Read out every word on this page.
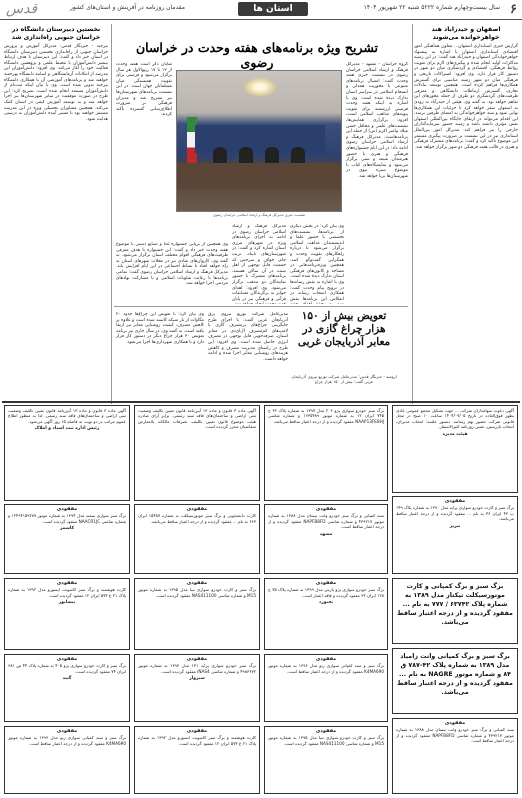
قدس	مقدمان روزنامه در آفرینش و استان‌های کشور	استان ها	سال بیست‌وچهارم شماره ۵۲۲۲ شنبه ۲۲ شهریور ۱۴۰۴ ۶
اصفهان و حیدرآباد هند خواهرخوانده می‌شوند
گزارش خبری استانداری اصفهان... معاون هماهنگی امور اقتصادی استانداری اصفهان با اشاره به پیشنهاد خواهرخواندگی اصفهان و حیدرآباد هند گفت: در این زمینه مذاکرات اولیه انجام شده و پیگیری‌های لازم برای تقویت روابط فرهنگی، اقتصادی و گردشگری میان دو شهر در دستور کار قرار دارد. وی افزود: اشتراکات تاریخی و فرهنگی میان دو شهر زمینه مناسبی برای گسترش همکاری‌ها فراهم کرده است. همچنین توسعه تبادلات تجاری، گسترش ارتباطات دانشگاهی و معرفی ظرفیت‌های گردشگری دو طرف از جمله محورهای این تفاهم خواهد بود. به گفته وی، هیئتی از حیدرآباد به زودی به اصفهان سفر خواهد کرد تا جزئیات این همکاری‌ها نهایی شود و سند خواهرخواندگی به امضای طرفین برسد. این اقدام می‌تواند در ارتقای جایگاه بین‌المللی اصفهان نقش مؤثری داشته باشد و زمینه حضور سرمایه‌گذاران خارجی را نیز فراهم کند. مدیرکل امور بین‌الملل استانداری نیز در این نشست بر ضرورت پیگیری مستمر این موضوع تأکید کرد و گفت: برنامه‌های مشترک فرهنگی و هنری در قالب هفته فرهنگی دو شهر برگزار خواهد شد.
نخستین دبیرستان دانشگاه در خراسان جنوبی راه‌اندازی شد
بیرجند - خبرنگار قدس: مدیرکل آموزش و پرورش خراسان جنوبی از راه‌اندازی نخستین دبیرستان دانشگاه در استان خبر داد و گفت: این دبیرستان با هدف ارتباط بیشتر دانش‌آموزان با محیط علمی و پژوهشی دانشگاه فعالیت خود را آغاز می‌کند. وی افزود: دانش‌آموزان این مدرسه از امکانات آزمایشگاهی و اساتید دانشگاه بهره‌مند خواهند شد و برنامه‌های آموزشی آن با همکاری دانشگاه بیرجند تدوین شده است. وی با بیان اینکه ثبت‌نام از دانش‌آموزان مستعد انجام شده است، تصریح کرد: این طرح در صورت موفقیت در سایر شهرستان‌ها نیز اجرا خواهد شد و به توسعه آموزش کیفی در استان کمک می‌کند. همچنین مشاوران تحصیلی ویژه در این مدرسه مستقر خواهند بود تا مسیر آینده دانش‌آموزان به درستی هدایت شود.
تشریح ویژه برنامه‌های هفته وحدت در خراسان رضوی	گروه خراسان - مشهد - مدیرکل فرهنگ و ارشاد اسلامی خراسان رضوی در نشست خبری هفته وحدت گفت: امسال برنامه‌های متنوعی با محوریت همدلی و انسجام اسلامی در سراسر استان تدارک دیده شده است. وی با اشاره به اینکه هفته وحدت فرصتی ارزشمند برای تقویت پیوندهای مذاهب اسلامی است، افزود: برگزاری همایش‌ها، نشست‌های علمی و محافل جشن میلاد پیامبر اکرم (ص) از جمله این برنامه‌هاست. مدیرکل فرهنگ و ارشاد اسلامی خراسان رضوی ادامه داد: در این ایام جشنواره‌های فرهنگی و هنری با حضور هنرمندان شیعه و سنی برگزار می‌شود و نمایشگاه‌های کتاب با موضوع سیره نبوی در شهرستان‌ها برپا خواهد شد.
شایان ذکر است هفته وحدت از ۱۲ تا ۱۷ ربیع‌الاول هر سال برگزار می‌شود و فرصتی برای تقویت همبستگی میان مسلمانان جهان است. در این نشست برنامه‌های شهرستان‌ها نیز تشریح شد و مدیران فرهنگی بر ضرورت اطلاع‌رسانی گسترده تأکید کردند.
نشست خبری مدیرکل فرهنگ و ارشاد اسلامی خراسان رضوی
وی بیان کرد: در بخش دیگری از برنامه‌ها، نشست‌های تخصصی با حضور علما و اندیشمندان مذاهب اسلامی برگزار می‌شود تا درباره راهکارهای تقویت وحدت و همگرایی گفت‌وگو کنند. همچنین ویژه‌برنامه‌هایی در مساجد و کانون‌های فرهنگی استان تدارک دیده شده است. وی با اشاره به نقش رسانه‌ها در ترویج پیام وحدت گفت: همکاری اصحاب رسانه در انعکاس این برنامه‌ها نقش
مدیرکل فرهنگ و ارشاد اسلامی خراسان رضوی در ادامه به اجرای برنامه‌های ویژه در شهرهای مرزی استان اشاره کرد و گفت: در شهرستان‌های تایباد، تربت جام، خواف و سرخس که جمعیت قابل توجهی از اهل سنت در آن ساکن هستند، برنامه‌های مشترک با حضور نمایندگان دو مذهب برگزار می‌شود. وی افزود: اهدای جوایز به برگزیدگان مسابقات قرآنی و فرهنگی نیز در پایان
وی همچنین از برپایی جشنواره غذا و صنایع دستی با موضوع هفته وحدت خبر داد و گفت: این جشنواره با هدف معرفی ظرفیت‌های فرهنگی اقوام مختلف استان برگزار می‌شود. به گفته وی، کاروان‌های شادی نیز در محلات شهرهای استان به راه خواهد افتاد تا نشاط اجتماعی در این ایام افزایش یابد. مدیرکل فرهنگ و ارشاد اسلامی خراسان رضوی گفت: تمامی برنامه‌ها با رعایت شئونات اسلامی و با مشارکت نهادهای مردمی اجرا خواهد شد.
تعویض بیش از ۱۵۰ هزار چراغ گازی در معابر آذربایجان غربی
ارومیه - خبرنگار قدس: مدیرعامل شرکت توزیع نیروی آذربایجان غربی گفت: بیش از ۱۵۰ هزار چراغ
مدیرعامل شرکت توزیع نیروی برق آذربایجان غربی گفت: با اجرای طرح جایگزینی چراغ‌های پرمصرف گازی با لامپ‌های کم‌مصرف ال‌ای‌دی در معابر استان، صرفه‌جویی قابل توجهی در مصرف انرژی حاصل شده است. وی افزود: این طرح در راستای مدیریت مصرف و کاهش هزینه‌های روشنایی معابر اجرا شده و ادامه خواهد داشت.
وی بیان کرد: با تعویض این چراغ‌ها حدود ۲۰ مگاوات از بار شبکه کاسته شده است و علاوه بر کاهش مصرف، کیفیت روشنایی معابر نیز ارتقا یافته است. به گفته وی، در سال جاری نیز برنامه تعویض ۳۰ هزار چراغ دیگر در دستور کار قرار دارد و با همکاری شهرداری‌ها اجرا می‌شود.
آگهی دعوت سهامداران شرکت ... جهت تشکیل مجمع عمومی عادی بطور فوق‌العاده در تاریخ ۱۴۰۴/۰۷/۰۵ ساعت ۱۰ صبح در محل قانونی شرکت حضور بهم رسانند. دستور جلسه: انتخاب مدیران، انتخاب بازرسین، تعیین روزنامه کثیرالانتشار.
هیئت مدیره
برگ سبز خودرو سواری پژو ۲۰۶ مدل ۱۳۹۷ به شماره پلاک ۳۶ ج ۷۴۵ ایران ۱۲ به شماره موتور ۱۶۳۵۴۸۹ و شماره شاسی NAAP13FE8HJ مفقود گردیده و از درجه اعتبار ساقط می‌باشد.
آگهی ماده ۳ قانون و ماده ۱۳ آیین‌نامه قانون تعیین تکلیف وضعیت ثبتی اراضی و ساختمان‌های فاقد سند رسمی. برابر آرای صادره هیئت موضوع قانون تعیین تکلیف، تصرفات مالکانه بلامعارض متقاضیان محرز گردیده است.
آگهی ماده ۳ قانون و ماده ۱۳ آیین‌نامه قانون تعیین تکلیف وضعیت ثبتی اراضی و ساختمان‌های فاقد سند رسمی. لذا به منظور اطلاع عموم مراتب در دو نوبت به فاصله ۱۵ روز آگهی می‌شود.
رئیس اداره ثبت اسناد و املاک
مفقودی
برگ سبز و کارت خودرو سواری پراید مدل ۱۳۹۰ به شماره پلاک ۱۴۹ ب ۴۳ ایران ۳۶ به نام ... مفقود گردیده و از درجه اعتبار ساقط می‌باشد.
تبریز
مفقودی
سند کمپانی و برگ سبز خودرو وانت نیسان مدل ۱۳۸۸ به شماره موتور ۴۳۹۲۱۷ و شماره شاسی NAPFB8FD مفقود گردیده و از درجه اعتبار ساقط است.
مشهد
مفقودی
کارت دانشجویی و برگ سبز موتورسیکلت به شماره ۱۵۴۸۷ ایران ۶۶۳ به نام ... مفقود گردیده و از درجه اعتبار ساقط می‌باشد.
مفقودی
برگ سبز سواری سمند مدل ۱۳۹۴ به شماره موتور ۱۲۴۹۴۱۵۹۲۸۷ و شماره شاسی NAACR1JC مفقود گردیده است.
کاشمر
برگ سبز و برگ کمپانی و کارت موتورسیکلت نیکتاز مدل ۱۳۸۹ به شماره پلاک ۶۳۷۴۲ / ۷۷۷ به نام ... مفقود گردیده و از درجه اعتبار ساقط می‌باشد.
برگ سبز و برگ کمپانی وانت زامیاد مدل ۱۳۸۹ به شماره پلاک ۴۲-۷۸۷ ق ۸۴ و شماره موتور NAGRE به نام ... مفقود گردیده و از درجه اعتبار ساقط می‌باشد.
مفقودی
برگ سبز خودرو سواری پژو پارس مدل ۱۳۹۹ به شماره پلاک ۷۵ ج ۱۲۸ ایران ۳۲ مفقود گردیده و فاقد اعتبار است.
بجنورد
مفقودی
برگ سبز و کارت خودرو سواری تیبا مدل ۱۳۹۵ به شماره موتور M15 و شماره شاسی NAS411100 مفقود گردیده است.
مفقودی
کارت هوشمند و برگ سبز کامیونت ایسوزو مدل ۱۳۹۲ به شماره پلاک ۲۱ ع ۵۷۴ ایران ۱۲ مفقود گردیده است.
نیشابور
مفقودی
برگ سبز و سند کمپانی سواری رنو مدل ۱۳۹۶ به شماره موتور K4MA690 مفقود گردیده و از درجه اعتبار ساقط است.
مفقودی
برگ سبز خودرو سواری پراید ۱۳۱ مدل ۱۳۹۳ به شماره موتور ۴۹۸۳۶۷۲ و شماره شاسی NAS4ا مفقود گردیده است.
سبزوار
مفقودی
برگ سبز و کارت خودرو سواری پژو ۴۰۵ به شماره پلاک ۴۴ ص ۶۸۱ ایران ۷۴ مفقود گردیده است.
گنبد
مفقودی
سند کمپانی و برگ سبز خودرو وانت نیسان مدل ۱۳۸۸ به شماره موتور ۴۳۹۲۱۷ و شماره شاسی NAPFB8FD مفقود گردیده و از درجه اعتبار ساقط است.
مفقودی
برگ سبز و کارت خودرو سواری تیبا مدل ۱۳۹۵ به شماره موتور M15 و شماره شاسی NAS411100 مفقود گردیده است.
مفقودی
کارت هوشمند و برگ سبز کامیونت ایسوزو مدل ۱۳۹۲ به شماره پلاک ۲۱ ع ۵۷۴ ایران ۱۲ مفقود گردیده است.
مفقودی
برگ سبز و سند کمپانی سواری رنو مدل ۱۳۹۶ به شماره موتور K4MA690 مفقود گردیده و از درجه اعتبار ساقط است.
